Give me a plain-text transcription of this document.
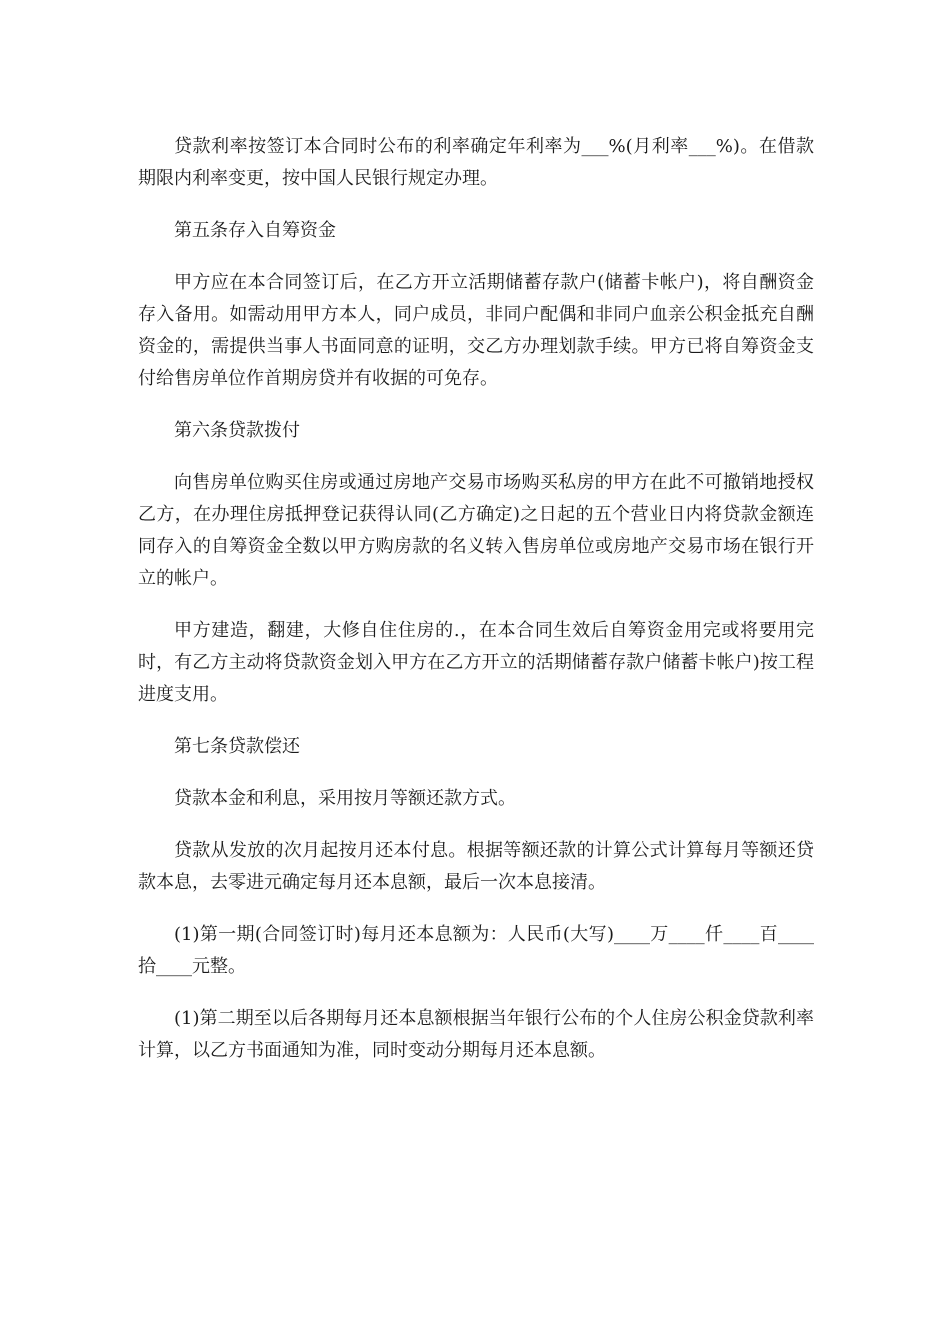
贷款利率按签订本合同时公布的利率确定年利率为___%(月利率___%)。在借款期限内利率变更，按中国人民银行规定办理。

第五条存入自筹资金

甲方应在本合同签订后，在乙方开立活期储蓄存款户(储蓄卡帐户)，将自酬资金存入备用。如需动用甲方本人，同户成员，非同户配偶和非同户血亲公积金抵充自酬资金的，需提供当事人书面同意的证明，交乙方办理划款手续。甲方已将自筹资金支付给售房单位作首期房贷并有收据的可免存。

第六条贷款拨付

向售房单位购买住房或通过房地产交易市场购买私房的甲方在此不可撤销地授权乙方，在办理住房抵押登记获得认同(乙方确定)之日起的五个营业日内将贷款金额连同存入的自筹资金全数以甲方购房款的名义转入售房单位或房地产交易市场在银行开立的帐户。

甲方建造，翻建，大修自住住房的.，在本合同生效后自筹资金用完或将要用完时，有乙方主动将贷款资金划入甲方在乙方开立的活期储蓄存款户储蓄卡帐户)按工程进度支用。

第七条贷款偿还

贷款本金和利息，采用按月等额还款方式。

贷款从发放的次月起按月还本付息。根据等额还款的计算公式计算每月等额还贷款本息，去零进元确定每月还本息额，最后一次本息接清。

(1)第一期(合同签订时)每月还本息额为：人民币(大写)____万____仟____百____拾____元整。

(1)第二期至以后各期每月还本息额根据当年银行公布的个人住房公积金贷款利率计算，以乙方书面通知为准，同时变动分期每月还本息额。
